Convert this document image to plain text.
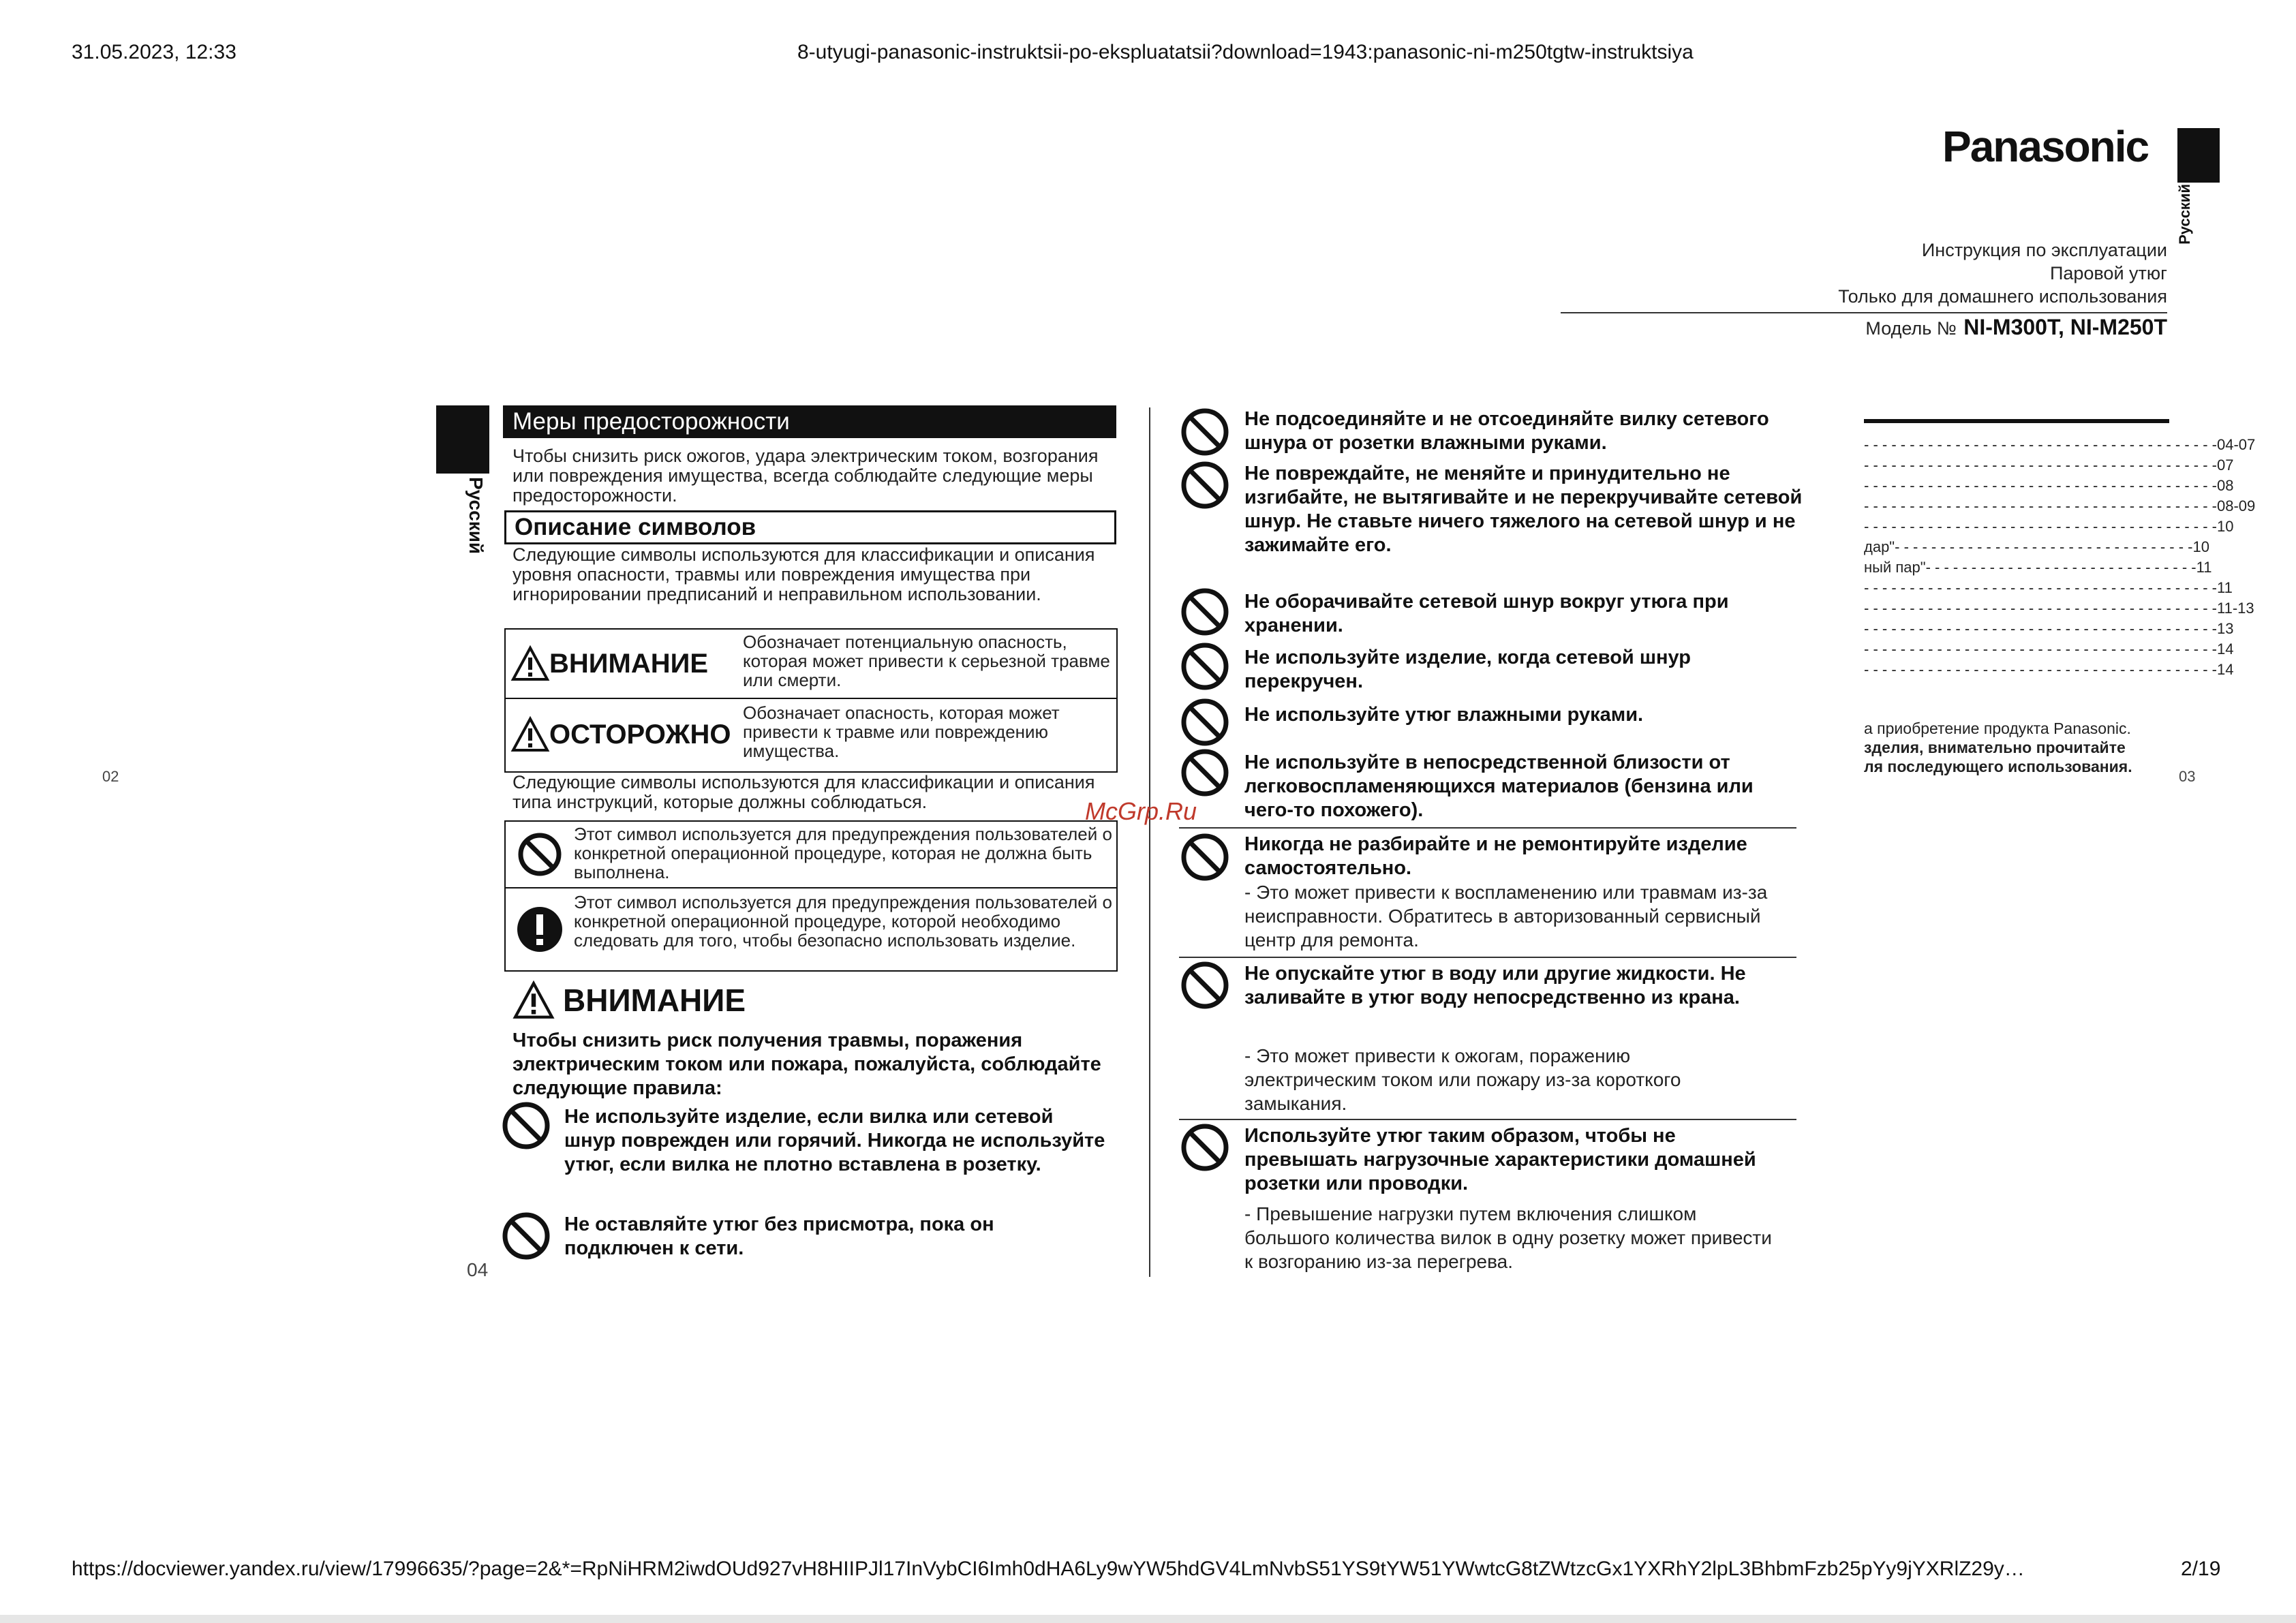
31.05.2023, 12:33	8-utyugi-panasonic-instruktsii-po-ekspluatatsii?download=1943:panasonic-ni-m250tgtw-instruktsiya
Panasonic
Русский
Инструкция по эксплуатации
Паровой утюг
Только для домашнего использования
Модель № NI-M300T, NI-M250T
- - - - - - - - - - - - - - - - - - - - - - - - - - - - - - - - - - - - - - - 04-07
- - - - - - - - - - - - - - - - - - - - - - - - - - - - - - - - - - - - - - - 07
- - - - - - - - - - - - - - - - - - - - - - - - - - - - - - - - - - - - - - - 08
- - - - - - - - - - - - - - - - - - - - - - - - - - - - - - - - - - - - - - - 08-09
- - - - - - - - - - - - - - - - - - - - - - - - - - - - - - - - - - - - - - - 10
дар" - - - - - - - - - - - - - - - - - - - - - - - - - - - - - - - - - 10
ный пар" - - - - - - - - - - - - - - - - - - - - - - - - - - - - - - 11
- - - - - - - - - - - - - - - - - - - - - - - - - - - - - - - - - - - - - - - 11
- - - - - - - - - - - - - - - - - - - - - - - - - - - - - - - - - - - - - - - 11-13
- - - - - - - - - - - - - - - - - - - - - - - - - - - - - - - - - - - - - - - 13
- - - - - - - - - - - - - - - - - - - - - - - - - - - - - - - - - - - - - - - 14
- - - - - - - - - - - - - - - - - - - - - - - - - - - - - - - - - - - - - - - 14
а приобретение продукта Panasonic.
зделия, внимательно прочитайте
ля последующего использования.
03
02
Русский
Меры предосторожности
Чтобы снизить риск ожогов, удара электрическим током, возгорания или повреждения имущества, всегда соблюдайте следующие меры предосторожности.
Описание символов
Следующие символы используются для классификации и описания уровня опасности, травмы или повреждения имущества при игнорировании предписаний и неправильном использовании.
ВНИМАНИЕ
Обозначает потенциальную опасность, которая может привести к серьезной травме или смерти.
ОСТОРОЖНО
Обозначает опасность, которая может привести к травме или повреждению имущества.
Следующие символы используются для классификации и описания типа инструкций, которые должны соблюдаться.
Этот символ используется для предупреждения пользователей о конкретной операционной процедуре, которая не должна быть выполнена.
Этот символ используется для предупреждения пользователей о конкретной операционной процедуре, которой необходимо следовать для того, чтобы безопасно использовать изделие.
ВНИМАНИЕ
Чтобы снизить риск получения травмы, поражения электрическим током или пожара, пожалуйста, соблюдайте следующие правила:
Не используйте изделие, если вилка или сетевой шнур поврежден или горячий. Никогда не используйте утюг, если вилка не плотно вставлена в розетку.
Не оставляйте утюг без присмотра, пока он подключен к сети.
04
Не подсоединяйте и не отсоединяйте вилку сетевого шнура от розетки влажными руками.
Не повреждайте, не меняйте и принудительно не изгибайте, не вытягивайте и не перекручивайте сетевой шнур. Не ставьте ничего тяжелого на сетевой шнур и не зажимайте его.
Не оборачивайте сетевой шнур вокруг утюга при хранении.
Не используйте изделие, когда сетевой шнур перекручен.
Не используйте утюг влажными руками.
Не используйте в непосредственной близости от легковоспламеняющихся материалов (бензина или чего-то похожего).
Никогда не разбирайте и не ремонтируйте изделие самостоятельно.
- Это может привести к воспламенению или травмам из-за неисправности. Обратитесь в авторизованный сервисный центр для ремонта.
Не опускайте утюг в воду или другие жидкости. Не заливайте в утюг воду непосредственно из крана.
- Это может привести к ожогам, поражению электрическим током или пожару из-за короткого замыкания.
Используйте утюг таким образом, чтобы не превышать нагрузочные характеристики домашней розетки или проводки.
- Превышение нагрузки путем включения слишком большого количества вилок в одну розетку может привести к возгоранию из-за перегрева.
McGrp.Ru
https://docviewer.yandex.ru/view/17996635/?page=2&*=RpNiHRM2iwdOUd927vH8HIIPJl17InVybCI6Imh0dHA6Ly9wYW5hdGV4LmNvbS51YS9tYW51YWwtcG8tZWtzcGx1YXRhY2lpL3BhbmFzb25pYy9jYXRlZ29y…	2/19
